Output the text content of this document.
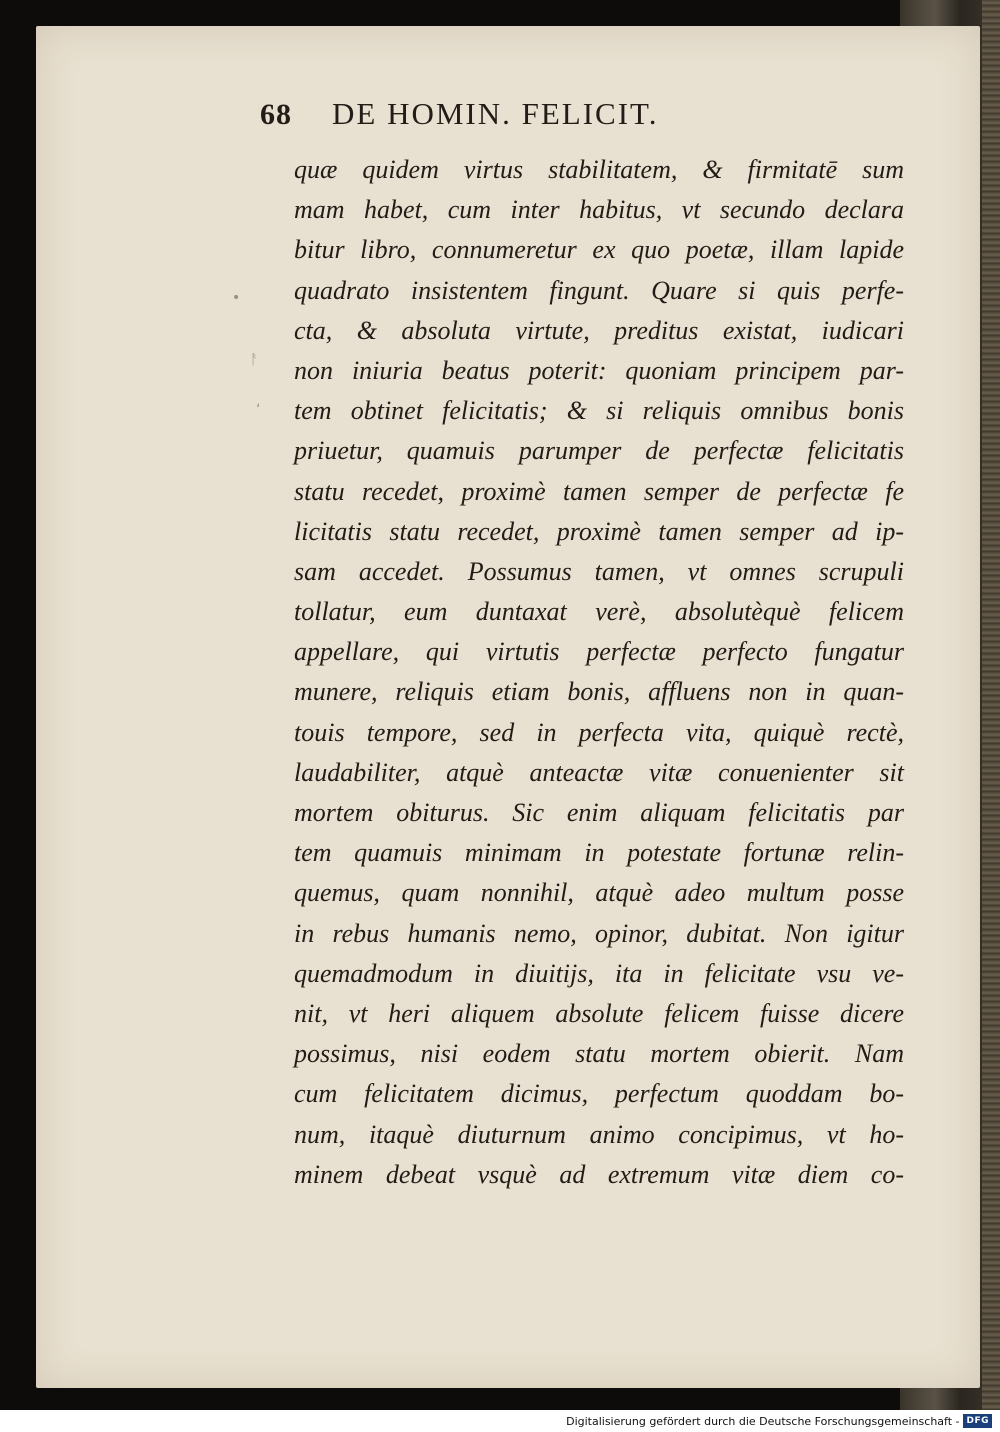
68 DE HOMIN. FELICIT.
•
ᚨ
‘
quæ quidem virtus stabilitatem, & firmitatē sum
mam habet, cum inter habitus, vt secundo declara
bitur libro, connumeretur ex quo poetæ, illam lapide
quadrato insistentem fingunt. Quare si quis perfe-
cta, & absoluta virtute, preditus existat, iudicari
non iniuria beatus poterit: quoniam principem par-
tem obtinet felicitatis; & si reliquis omnibus bonis
priuetur, quamuis parumper de perfectæ felicitatis
statu recedet, proximè tamen semper de perfectæ fe
licitatis statu recedet, proximè tamen semper ad ip-
sam accedet. Possumus tamen, vt omnes scrupuli
tollatur, eum duntaxat verè, absolutèquè felicem
appellare, qui virtutis perfectæ perfecto fungatur
munere, reliquis etiam bonis, affluens non in quan-
touis tempore, sed in perfecta vita, quiquè rectè,
laudabiliter, atquè anteactæ vitæ conuenienter sit
mortem obiturus. Sic enim aliquam felicitatis par
tem quamuis minimam in potestate fortunæ relin-
quemus, quam nonnihil, atquè adeo multum posse
in rebus humanis nemo, opinor, dubitat. Non igitur
quemadmodum in diuitijs, ita in felicitate vsu ve-
nit, vt heri aliquem absolute felicem fuisse dicere
possimus, nisi eodem statu mortem obierit. Nam
cum felicitatem dicimus, perfectum quoddam bo-
num, itaquè diuturnum animo concipimus, vt ho-
minem debeat vsquè ad extremum vitæ diem co-
Digitalisierung gefördert durch die Deutsche Forschungsgemeinschaft - DFG
